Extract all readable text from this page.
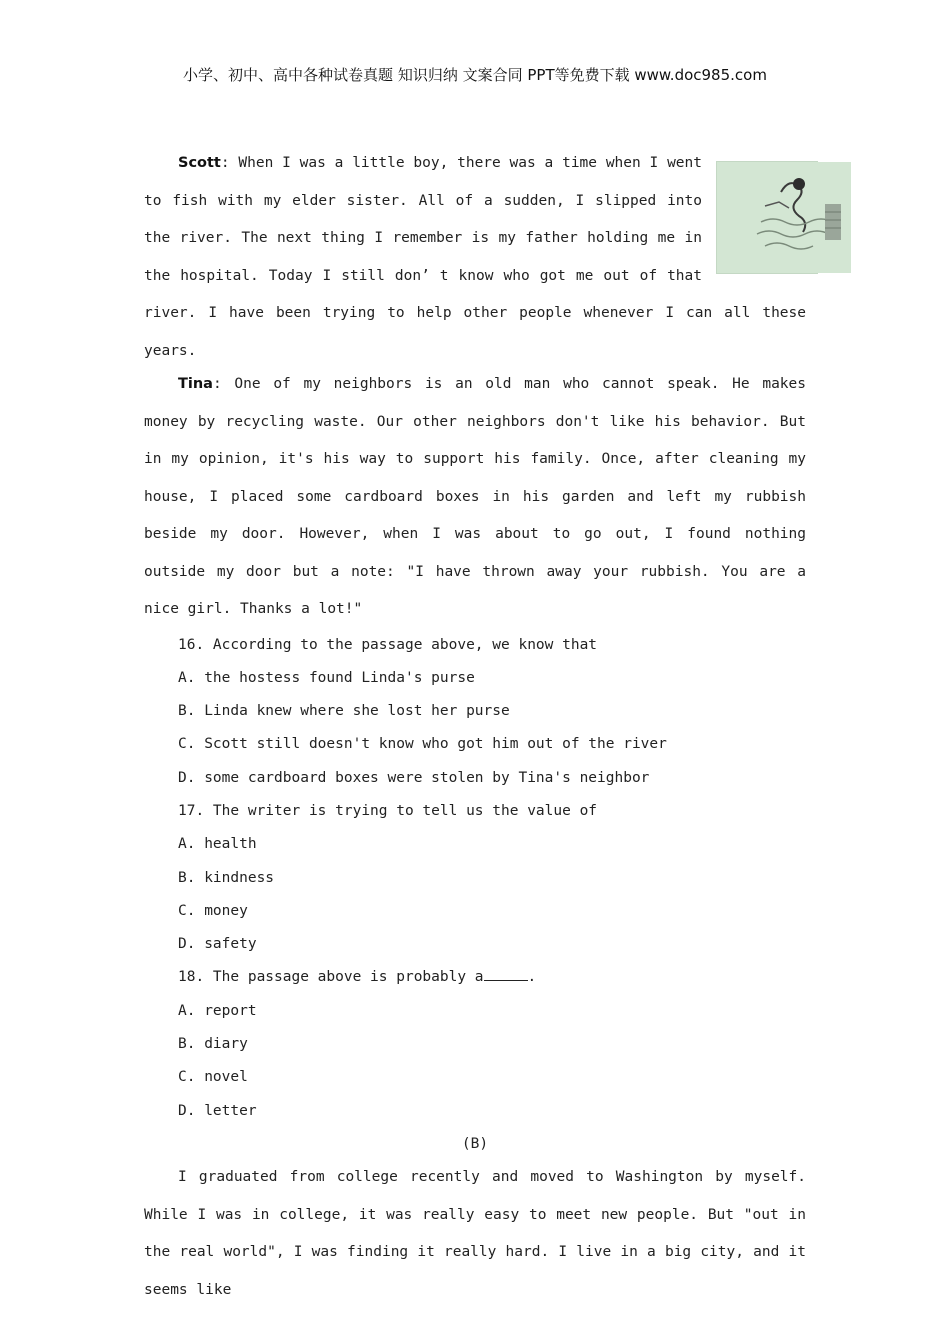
小学、初中、高中各种试卷真题 知识归纳 文案合同 PPT等免费下载 www.doc985.com

Scott: When I was a little boy, there was a time when I went to fish with my elder sister. All of a sudden, I slipped into the river. The next thing I remember is my father holding me in the hospital. Today I still don’ t know who got me out of that river. I have been trying to help other people whenever I can all these years.

Tina: One of my neighbors is an old man who cannot speak. He makes money by recycling waste. Our other neighbors don't like his behavior. But in my opinion, it's his way to support his family. Once, after cleaning my house, I placed some cardboard boxes in his garden and left my rubbish beside my door. However, when I was about to go out, I found nothing outside my door but a note: "I have thrown away your rubbish. You are a nice girl. Thanks a lot!"

16. According to the passage above, we know that

A. the hostess found Linda's purse

B. Linda knew where she lost her purse

C. Scott still doesn't know who got him out of the river

D. some cardboard boxes were stolen by Tina's neighbor

17. The writer is trying to tell us the value of

A. health

B. kindness

C. money

D. safety

18. The passage above is probably a	.

A. report

B. diary

C. novel

D. letter

(B)

I graduated from college recently and moved to Washington by myself. While I was in college, it was really easy to meet new people. But "out in the real world", I was finding it really hard. I live in a big city, and it seems like
